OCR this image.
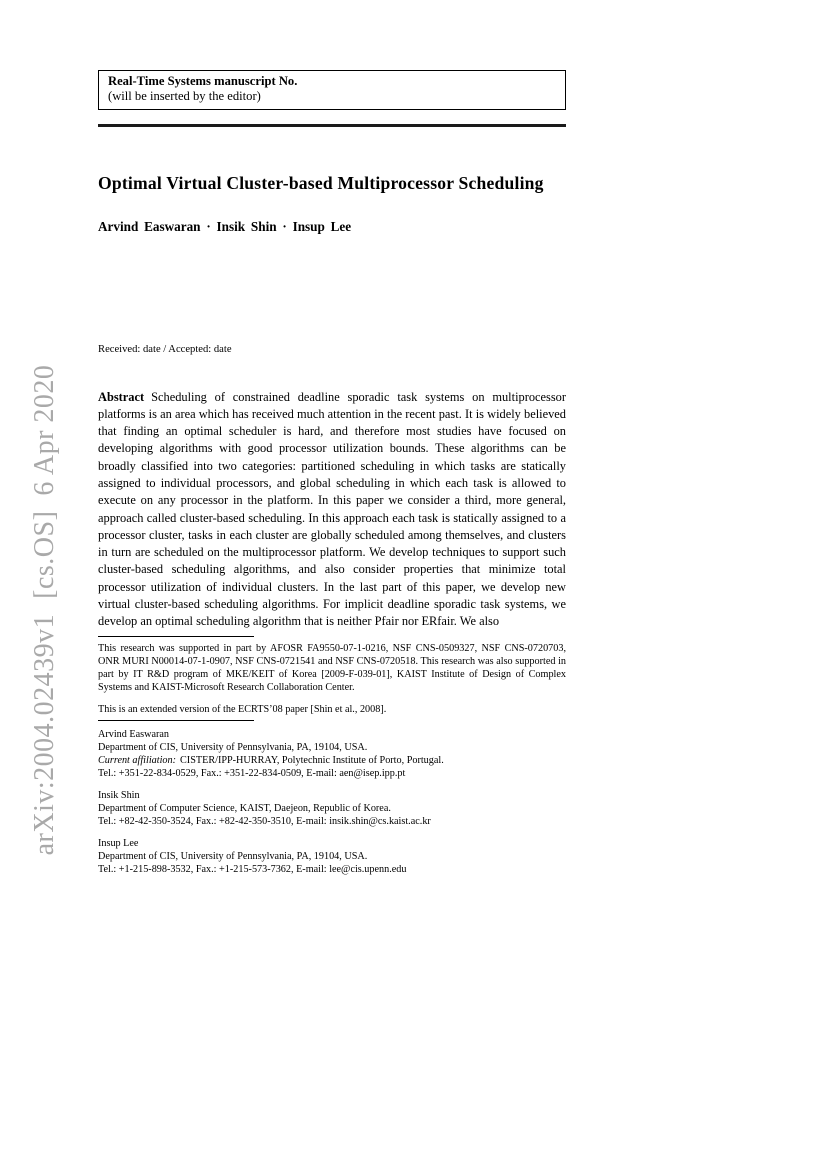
arXiv:2004.02439v1  [cs.OS]  6 Apr 2020
Real-Time Systems manuscript No.
(will be inserted by the editor)
Optimal Virtual Cluster-based Multiprocessor Scheduling
Arvind Easwaran · Insik Shin · Insup Lee
Received: date / Accepted: date

Abstract Scheduling of constrained deadline sporadic task systems on multiprocessor platforms is an area which has received much attention in the recent past. It is widely believed that finding an optimal scheduler is hard, and therefore most studies have focused on developing algorithms with good processor utilization bounds. These algorithms can be broadly classified into two categories: partitioned scheduling in which tasks are statically assigned to individual processors, and global scheduling in which each task is allowed to execute on any processor in the platform. In this paper we consider a third, more general, approach called cluster-based scheduling. In this approach each task is statically assigned to a processor cluster, tasks in each cluster are globally scheduled among themselves, and clusters in turn are scheduled on the multiprocessor platform. We develop techniques to support such cluster-based scheduling algorithms, and also consider properties that minimize total processor utilization of individual clusters. In the last part of this paper, we develop new virtual cluster-based scheduling algorithms. For implicit deadline sporadic task systems, we develop an optimal scheduling algorithm that is neither Pfair nor ERfair. We also

This research was supported in part by AFOSR FA9550-07-1-0216, NSF CNS-0509327, NSF CNS-0720703, ONR MURI N00014-07-1-0907, NSF CNS-0721541 and NSF CNS-0720518. This research was also supported in part by IT R&D program of MKE/KEIT of Korea [2009-F-039-01], KAIST Institute of Design of Complex Systems and KAIST-Microsoft Research Collaboration Center.

This is an extended version of the ECRTS’08 paper [Shin et al., 2008].

Arvind Easwaran
Department of CIS, University of Pennsylvania, PA, 19104, USA.
Current affiliation: CISTER/IPP-HURRAY, Polytechnic Institute of Porto, Portugal.
Tel.: +351-22-834-0529, Fax.: +351-22-834-0509, E-mail: aen@isep.ipp.pt
Insik Shin
Department of Computer Science, KAIST, Daejeon, Republic of Korea.
Tel.: +82-42-350-3524, Fax.: +82-42-350-3510, E-mail: insik.shin@cs.kaist.ac.kr
Insup Lee
Department of CIS, University of Pennsylvania, PA, 19104, USA.
Tel.: +1-215-898-3532, Fax.: +1-215-573-7362, E-mail: lee@cis.upenn.edu
